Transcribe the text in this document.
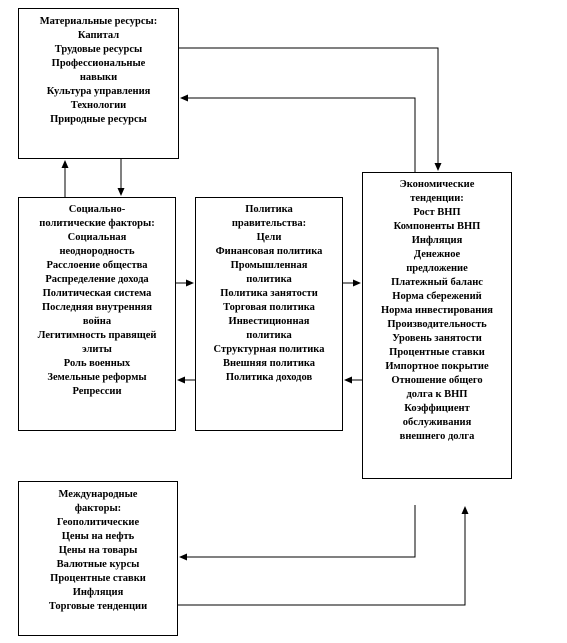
Материальные ресурсы:
Капитал
Трудовые ресурсы
Профессиональные
навыки
Культура управления
Технологии
Природные ресурсы
Социально-
политические факторы:
Социальная
неоднородность
Расслоение общества
Распределение дохода
Политическая система
Последняя внутренняя
война
Легитимность правящей
элиты
Роль военных
Земельные реформы
Репрессии
Политика
правительства:
Цели
Финансовая политика
Промышленная
политика
Политика занятости
Торговая политика
Инвестиционная
политика
Структурная политика
Внешняя политика
Политика доходов
Экономические
тенденции:
Рост ВНП
Компоненты ВНП
Инфляция
Денежное
предложение
Платежный баланс
Норма сбережений
Норма инвестирования
Производительность
Уровень занятости
Процентные ставки
Импортное покрытие
Отношение общего
долга к ВНП
Коэффициент
обслуживания
внешнего долга
Международные
факторы:
Геополитические
Цены на нефть
Цены на товары
Валютные курсы
Процентные ставки
Инфляция
Торговые тенденции
